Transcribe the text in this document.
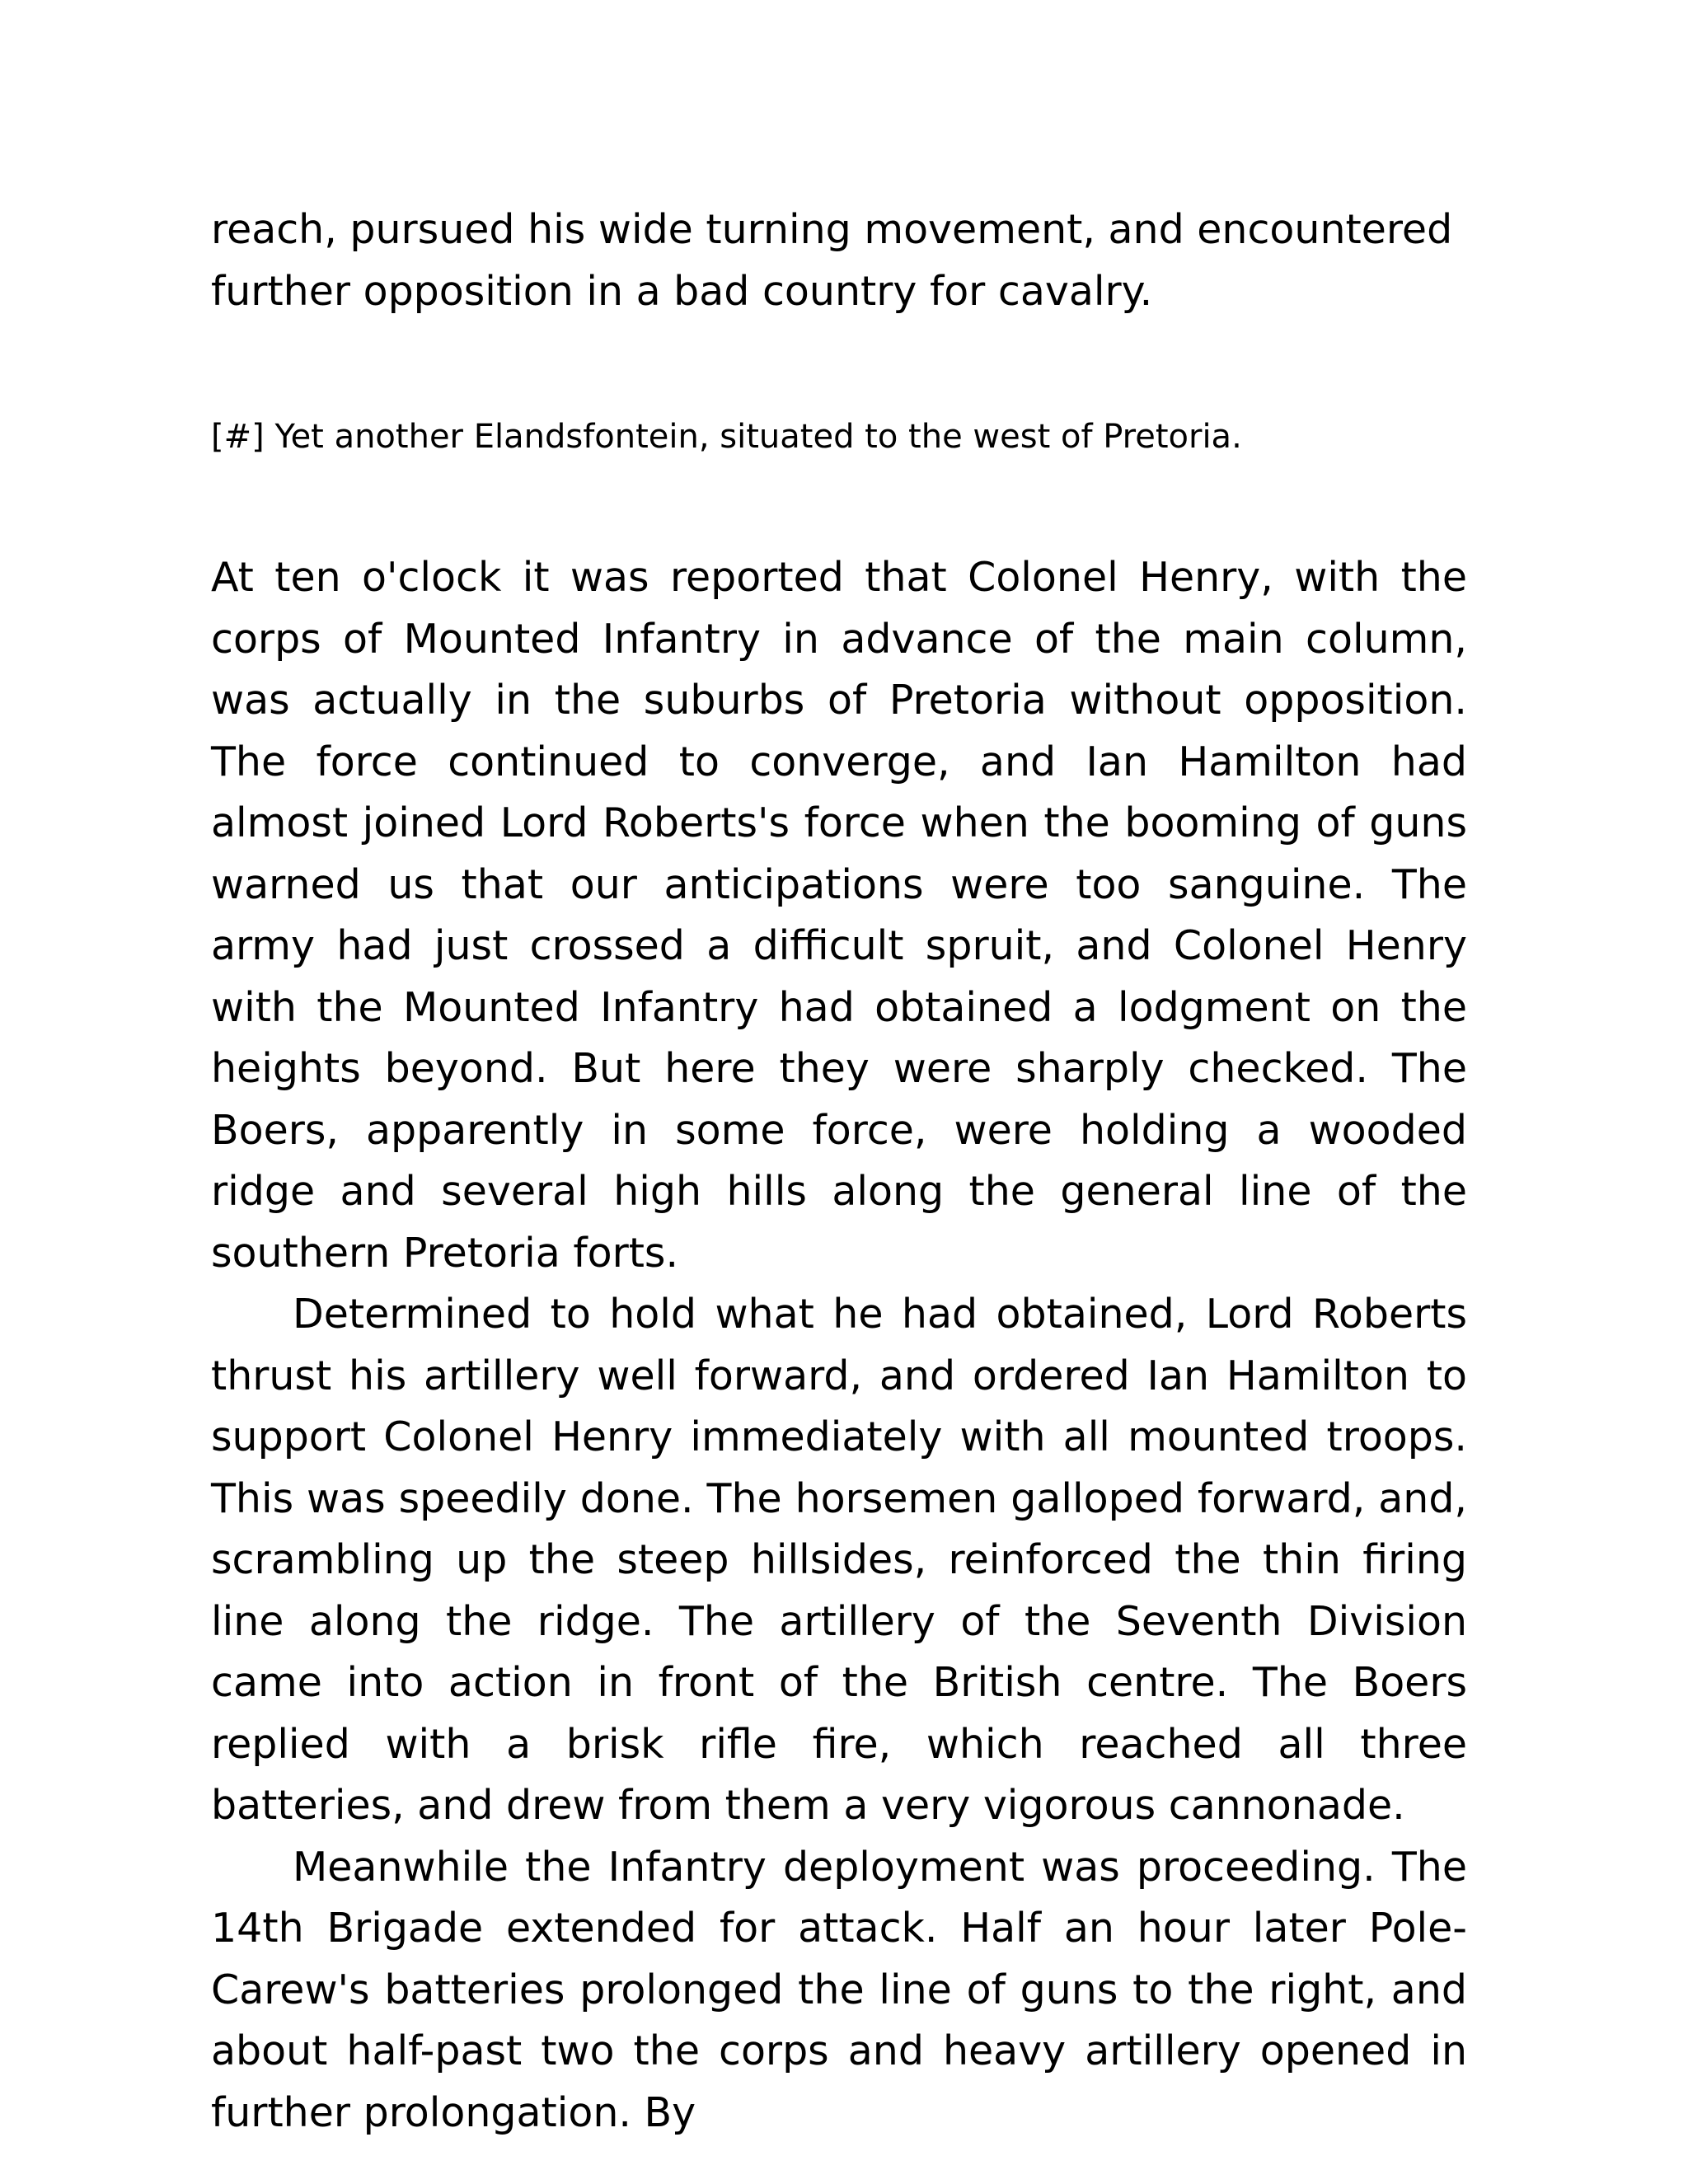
reach, pursued his wide turning movement, and encountered further opposition in a bad country for cavalry.

[#] Yet another Elandsfontein, situated to the west of Pretoria.

At ten o'clock it was reported that Colonel Henry, with the corps of Mounted Infantry in advance of the main column, was actually in the suburbs of Pretoria without opposition. The force continued to converge, and Ian Hamilton had almost joined Lord Roberts's force when the booming of guns warned us that our anticipations were too sanguine. The army had just crossed a difficult spruit, and Colonel Henry with the Mounted Infantry had obtained a lodgment on the heights beyond. But here they were sharply checked. The Boers, apparently in some force, were holding a wooded ridge and several high hills along the general line of the southern Pretoria forts.

Determined to hold what he had obtained, Lord Roberts thrust his artillery well forward, and ordered Ian Hamilton to support Colonel Henry immediately with all mounted troops. This was speedily done. The horsemen galloped forward, and, scrambling up the steep hillsides, reinforced the thin firing line along the ridge. The artillery of the Seventh Division came into action in front of the British centre. The Boers replied with a brisk rifle fire, which reached all three batteries, and drew from them a very vigorous cannonade.

Meanwhile the Infantry deployment was proceeding. The 14th Brigade extended for attack. Half an hour later Pole-Carew's batteries prolonged the line of guns to the right, and about half-past two the corps and heavy artillery opened in further prolongation. By
